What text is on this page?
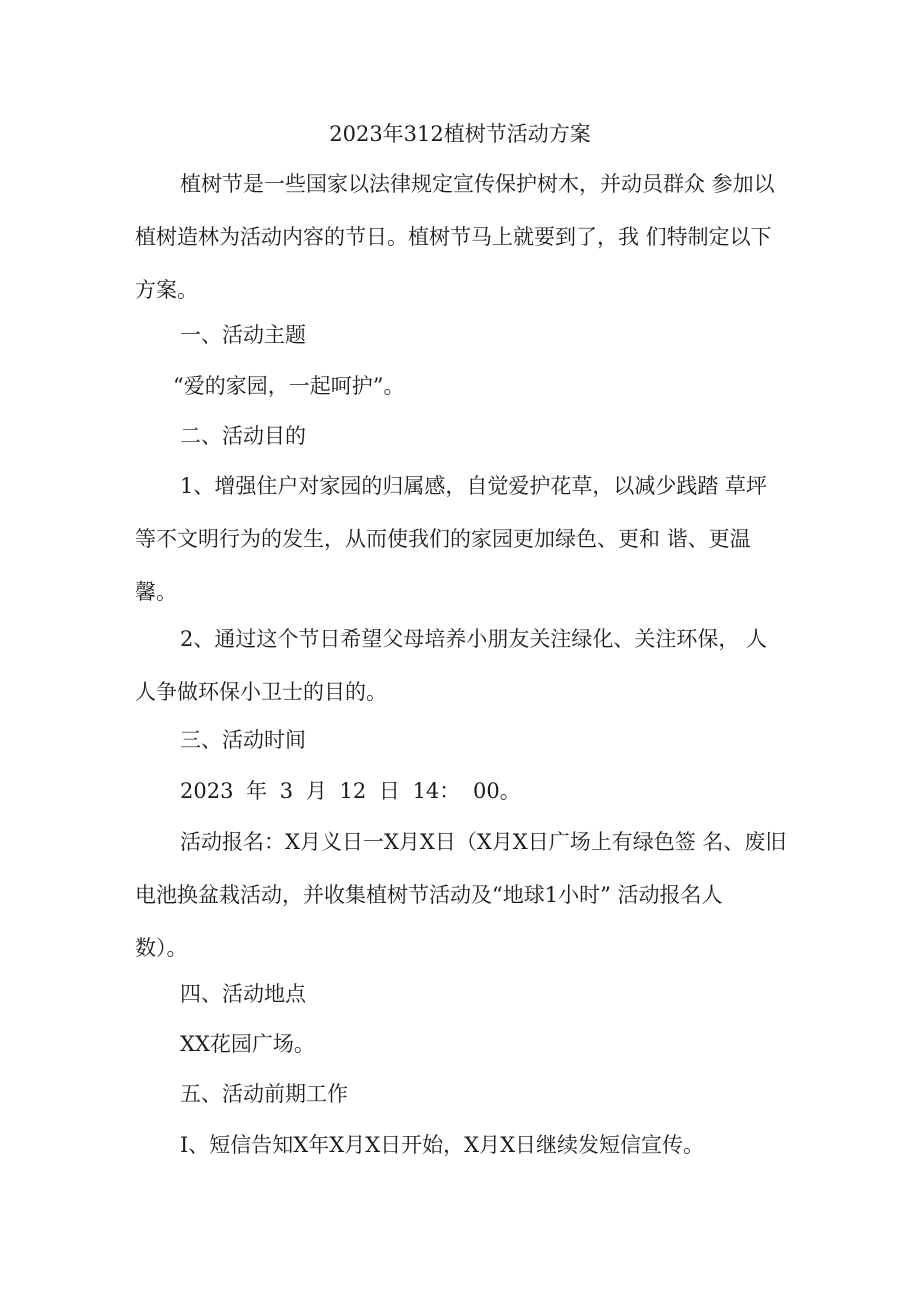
2023年312植树节活动方案
植树节是一些国家以法律规定宣传保护树木，并动员群众 参加以
植树造林为活动内容的节日。植树节马上就要到了，我 们特制定以下
方案。
一、活动主题
“爱的家园，一起呵护”。
二、活动目的
1、增强住户对家园的归属感，自觉爱护花草，以减少践踏 草坪
等不文明行为的发生，从而使我们的家园更加绿色、更和 谐、更温
馨。
2、通过这个节日希望父母培养小朋友关注绿化、关注环保， 人
人争做环保小卫士的目的。
三、活动时间
2023 年 3 月 12 日 14： 00。
活动报名：X月义日一X月X日（X月X日广场上有绿色签 名、废旧
电池换盆栽活动，并收集植树节活动及“地球1小时” 活动报名人
数）。
四、活动地点
XX花园广场。
五、活动前期工作
I、短信告知X年X月X日开始，X月X日继续发短信宣传。
